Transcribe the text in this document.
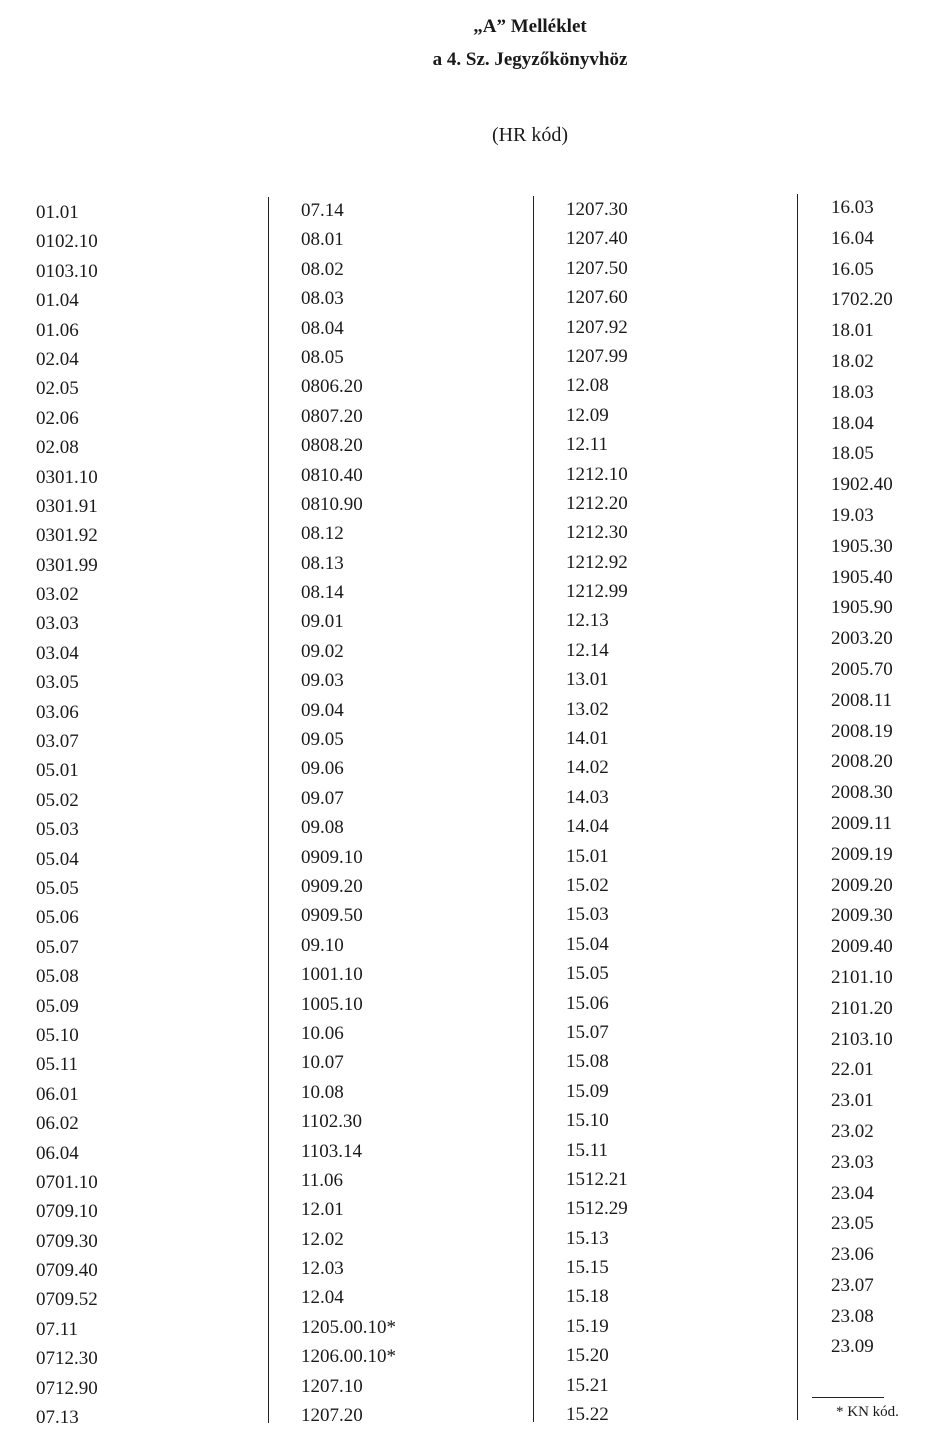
„A” Melléklet
a 4. Sz. Jegyzőkönyvhöz
(HR kód)
01.01
0102.10
0103.10
01.04
01.06
02.04
02.05
02.06
02.08
0301.10
0301.91
0301.92
0301.99
03.02
03.03
03.04
03.05
03.06
03.07
05.01
05.02
05.03
05.04
05.05
05.06
05.07
05.08
05.09
05.10
05.11
06.01
06.02
06.04
0701.10
0709.10
0709.30
0709.40
0709.52
07.11
0712.30
0712.90
07.13
07.14
08.01
08.02
08.03
08.04
08.05
0806.20
0807.20
0808.20
0810.40
0810.90
08.12
08.13
08.14
09.01
09.02
09.03
09.04
09.05
09.06
09.07
09.08
0909.10
0909.20
0909.50
09.10
1001.10
1005.10
10.06
10.07
10.08
1102.30
1103.14
11.06
12.01
12.02
12.03
12.04
1205.00.10*
1206.00.10*
1207.10
1207.20
1207.30
1207.40
1207.50
1207.60
1207.92
1207.99
12.08
12.09
12.11
1212.10
1212.20
1212.30
1212.92
1212.99
12.13
12.14
13.01
13.02
14.01
14.02
14.03
14.04
15.01
15.02
15.03
15.04
15.05
15.06
15.07
15.08
15.09
15.10
15.11
1512.21
1512.29
15.13
15.15
15.18
15.19
15.20
15.21
15.22
16.03
16.04
16.05
1702.20
18.01
18.02
18.03
18.04
18.05
1902.40
19.03
1905.30
1905.40
1905.90
2003.20
2005.70
2008.11
2008.19
2008.20
2008.30
2009.11
2009.19
2009.20
2009.30
2009.40
2101.10
2101.20
2103.10
22.01
23.01
23.02
23.03
23.04
23.05
23.06
23.07
23.08
23.09
* KN kód.
